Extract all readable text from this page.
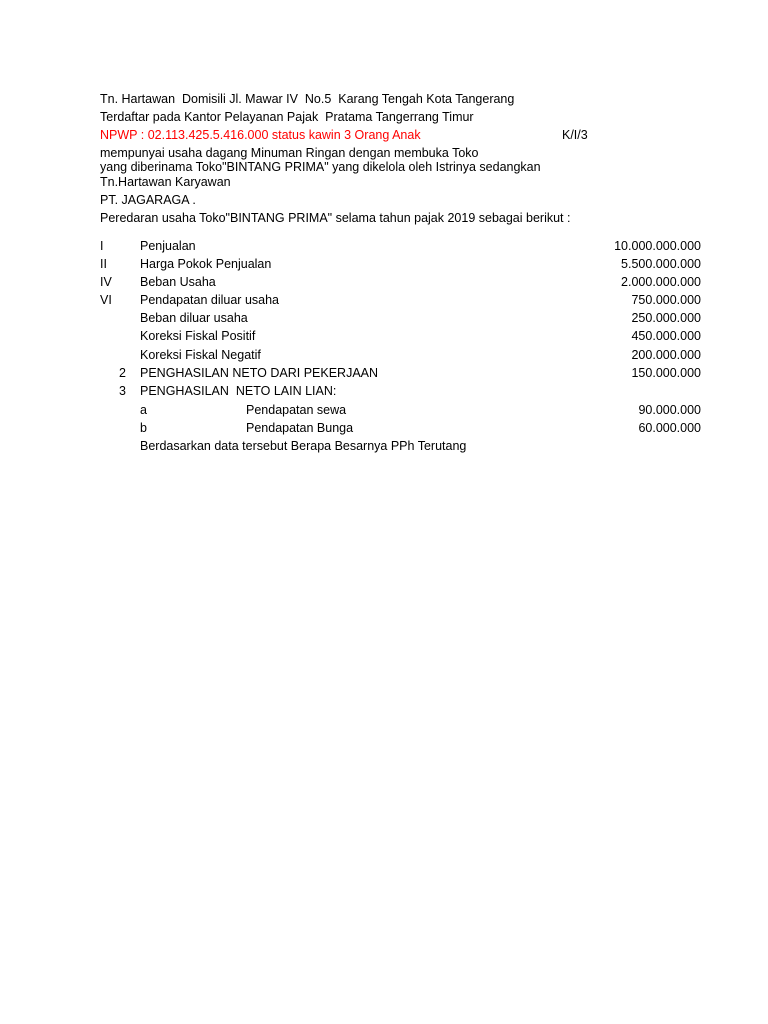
Tn. Hartawan  Domisili Jl. Mawar IV  No.5  Karang Tengah Kota Tangerang
Terdaftar pada Kantor Pelayanan Pajak  Pratama Tangerrang Timur
NPWP : 02.113.425.5.416.000 status kawin 3 Orang Anak	K/I/3
mempunyai usaha dagang Minuman Ringan dengan membuka Toko
yang diberinama Toko"BINTANG PRIMA" yang dikelola oleh Istrinya sedangkan
Tn.Hartawan Karyawan
PT. JAGARAGA .
Peredaran usaha Toko"BINTANG PRIMA" selama tahun pajak 2019 sebagai berikut :
I	Penjualan	10.000.000.000
II	Harga Pokok Penjualan	5.500.000.000
IV Beban Usaha	2.000.000.000
VI Pendapatan diluar usaha	750.000.000
Beban diluar usaha	250.000.000
Koreksi Fiskal Positif	450.000.000
Koreksi Fiskal Negatif	200.000.000
2 PENGHASILAN NETO DARI PEKERJAAN	150.000.000
3 PENGHASILAN  NETO LAIN LIAN:
a	Pendapatan sewa	90.000.000
b	Pendapatan Bunga	60.000.000
Berdasarkan data tersebut Berapa Besarnya PPh Terutang
